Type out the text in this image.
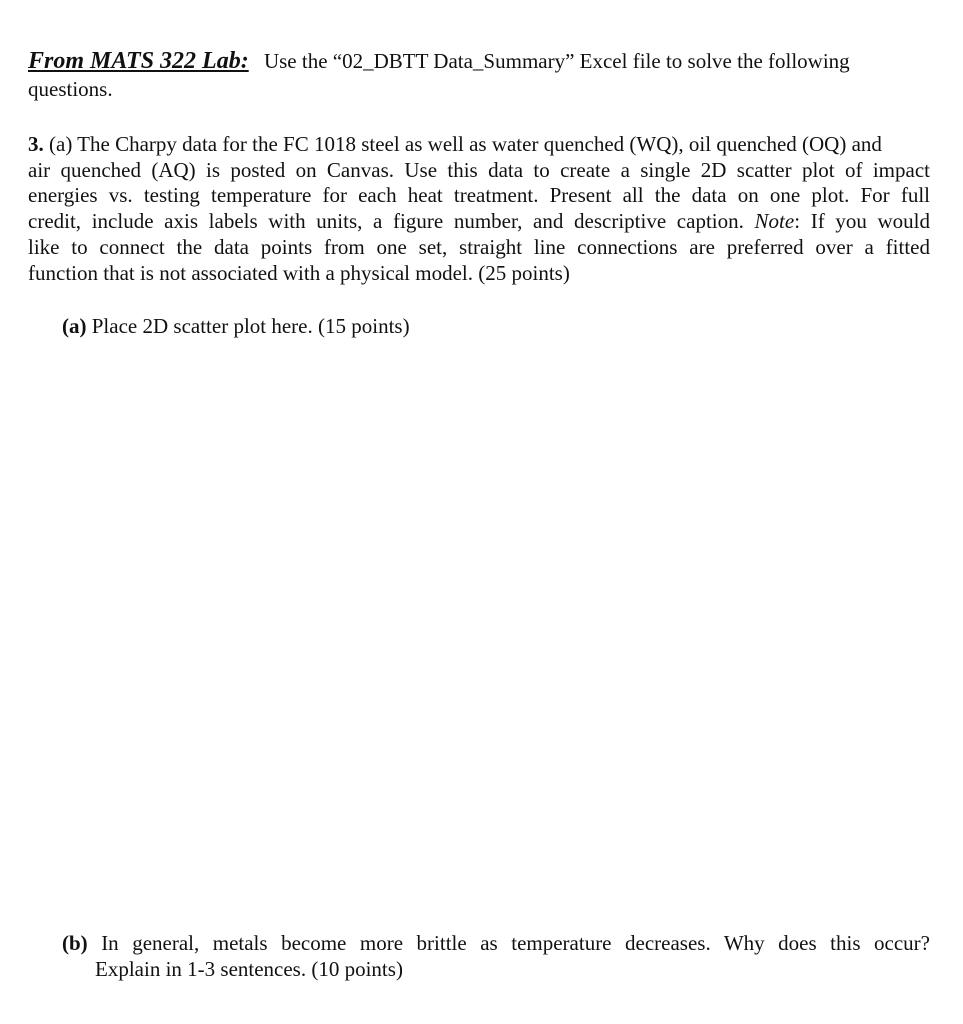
From MATS 322 Lab: Use the “02_DBTT Data_Summary” Excel file to solve the following
questions.
3. (a) The Charpy data for the FC 1018 steel as well as water quenched (WQ), oil quenched (OQ) and
air quenched (AQ) is posted on Canvas. Use this data to create a single 2D scatter plot of impact
energies vs. testing temperature for each heat treatment. Present all the data on one plot. For full
credit, include axis labels with units, a figure number, and descriptive caption. Note: If you would
like to connect the data points from one set, straight line connections are preferred over a fitted
function that is not associated with a physical model. (25 points)
(a) Place 2D scatter plot here. (15 points)
(b) In general, metals become more brittle as temperature decreases. Why does this occur?
Explain in 1-3 sentences. (10 points)
